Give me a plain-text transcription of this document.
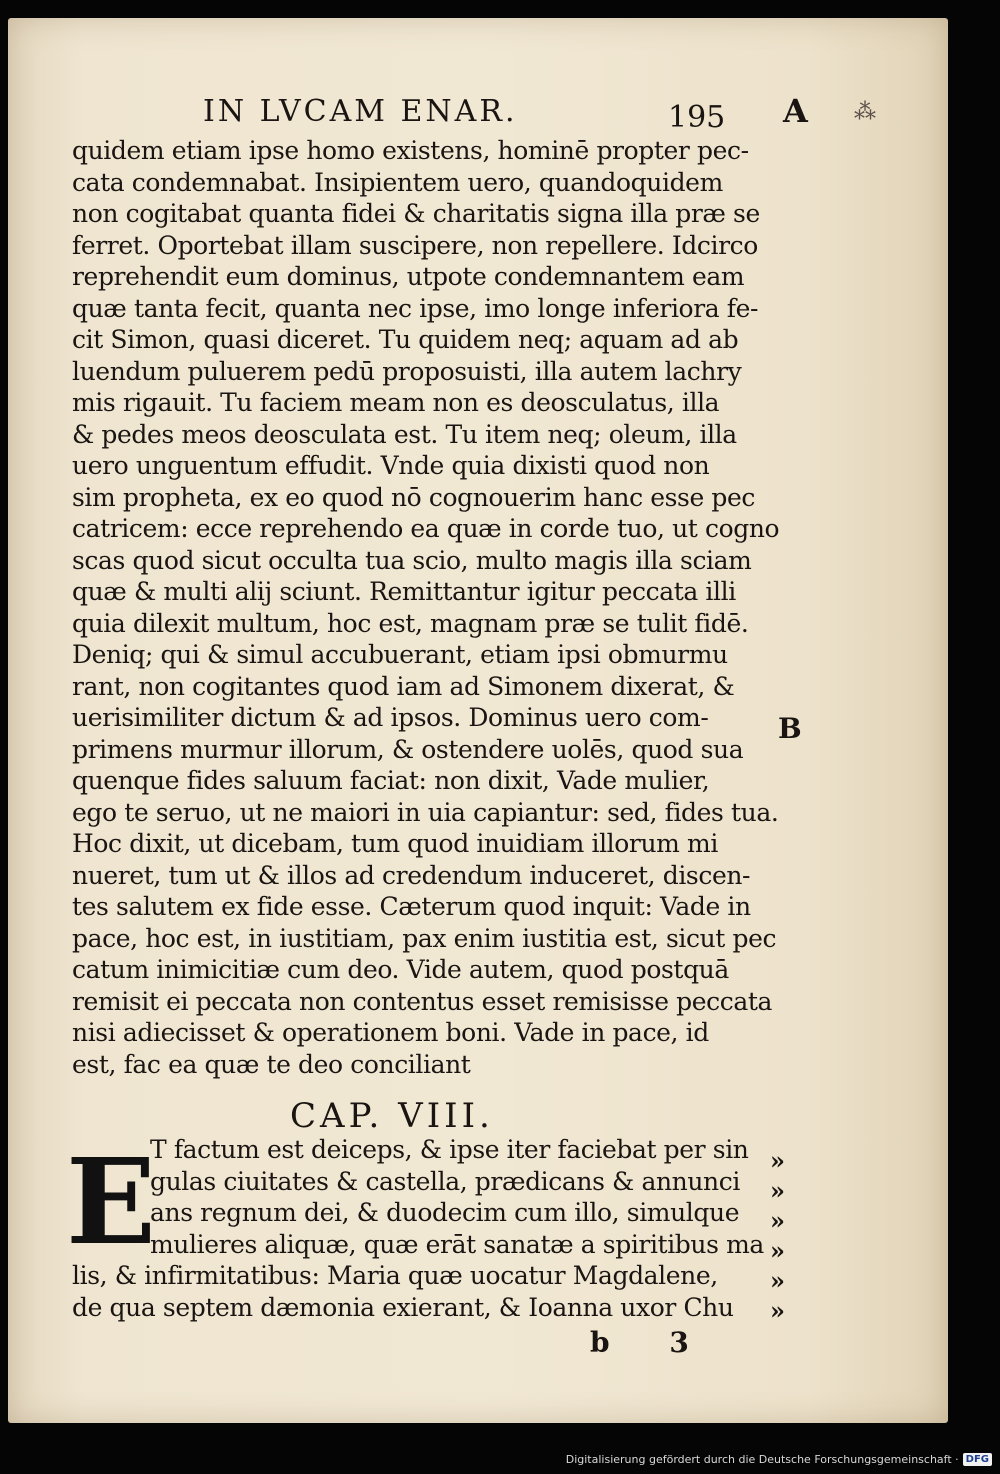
IN LVCAM ENAR.	195 A ⁂
B
quidem etiam ipse homo existens, hominē propter pec-
cata condemnabat. Insipientem uero, quandoquidem
non cogitabat quanta fidei & charitatis signa illa præ se
ferret. Oportebat illam suscipere, non repellere. Idcirco
reprehendit eum dominus, utpote condemnantem eam
quæ tanta fecit, quanta nec ipse, imo longe inferiora fe-
cit Simon, quasi diceret. Tu quidem neq; aquam ad ab
luendum puluerem pedū proposuisti, illa autem lachry
mis rigauit. Tu faciem meam non es deosculatus, illa
& pedes meos deosculata est. Tu item neq; oleum, illa
uero unguentum effudit. Vnde quia dixisti quod non
sim propheta, ex eo quod nō cognouerim hanc esse pec
catricem: ecce reprehendo ea quæ in corde tuo, ut cogno
scas quod sicut occulta tua scio, multo magis illa sciam
quæ & multi alij sciunt. Remittantur igitur peccata illi
quia dilexit multum, hoc est, magnam præ se tulit fidē.
Deniq; qui & simul accubuerant, etiam ipsi obmurmu
rant, non cogitantes quod iam ad Simonem dixerat, &
uerisimiliter dictum & ad ipsos. Dominus uero com-
primens murmur illorum, & ostendere uolēs, quod sua
quenque fides saluum faciat: non dixit, Vade mulier,
ego te seruo, ut ne maiori in uia capiantur: sed, fides tua.
Hoc dixit, ut dicebam, tum quod inuidiam illorum mi
nueret, tum ut & illos ad credendum induceret, discen-
tes salutem ex fide esse. Cæterum quod inquit: Vade in
pace, hoc est, in iustitiam, pax enim iustitia est, sicut pec
catum inimicitiæ cum deo. Vide autem, quod postquā
remisit ei peccata non contentus esset remisisse peccata
nisi adiecisset & operationem boni. Vade in pace, id
est, fac ea quæ te deo conciliant
CAP. VIII.
E
T factum est deiceps, & ipse iter faciebat per sin
gulas ciuitates & castella, prædicans & annunci
ans regnum dei, & duodecim cum illo, simulque
mulieres aliquæ, quæ erāt sanatæ a spiritibus ma
lis, & infirmitatibus: Maria quæ uocatur Magdalene,
de qua septem dæmonia exierant, & Ioanna uxor Chu
»
»
»
»
»
»
b 3
Digitalisierung gefördert durch die Deutsche Forschungsgemeinschaft · DFG
